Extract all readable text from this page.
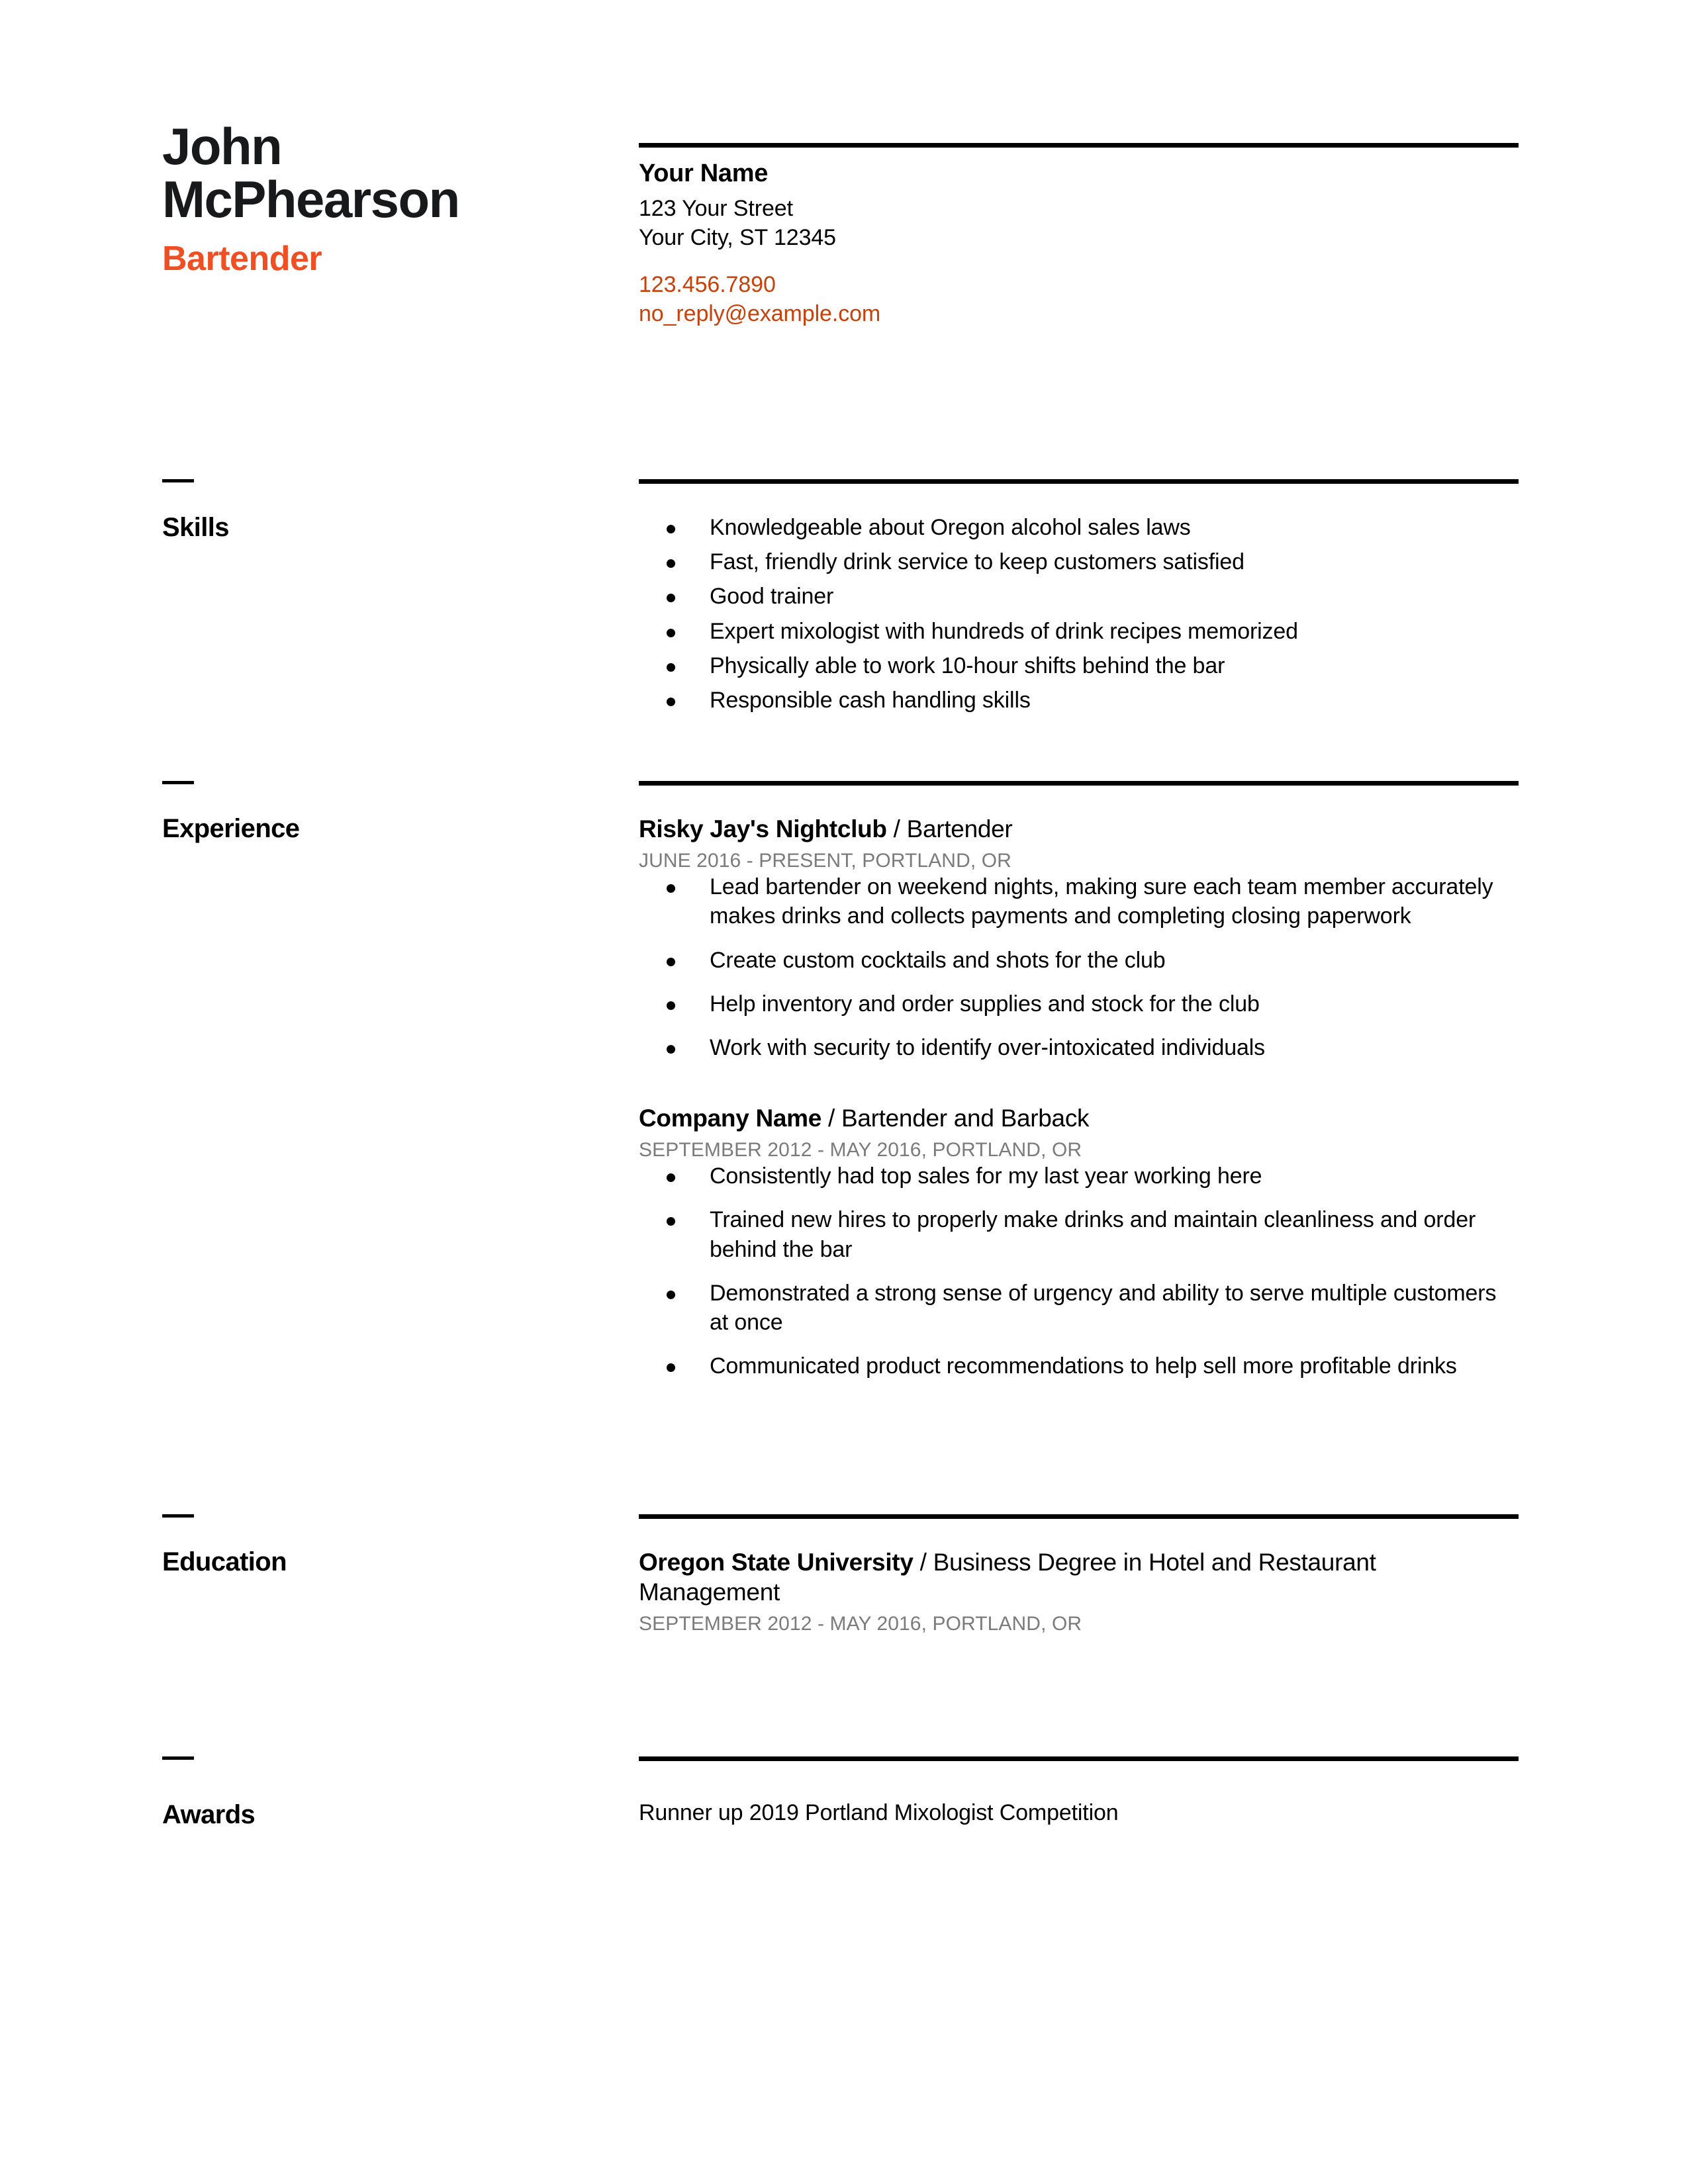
John
McPhearson
Bartender
Your Name
123 Your Street
Your City, ST 12345
123.456.7890
no_reply@example.com
Skills	Knowledgeable about Oregon alcohol sales laws
Fast, friendly drink service to keep customers satisfied
Good trainer
Expert mixologist with hundreds of drink recipes memorized
Physically able to work 10-hour shifts behind the bar
Responsible cash handling skills
Experience	Risky Jay's Nightclub / Bartender
JUNE 2016 - PRESENT, PORTLAND, OR
Lead bartender on weekend nights, making sure each team member accurately makes drinks and collects payments and completing closing paperwork
Create custom cocktails and shots for the club
Help inventory and order supplies and stock for the club
Work with security to identify over-intoxicated individuals
Company Name / Bartender and Barback
SEPTEMBER 2012 - MAY 2016, PORTLAND, OR
Consistently had top sales for my last year working here
Trained new hires to properly make drinks and maintain cleanliness and order behind the bar
Demonstrated a strong sense of urgency and ability to serve multiple customers at once
Communicated product recommendations to help sell more profitable drinks
Education	Oregon State University / Business Degree in Hotel and Restaurant Management
SEPTEMBER 2012 - MAY 2016, PORTLAND, OR
Awards	Runner up 2019 Portland Mixologist Competition
